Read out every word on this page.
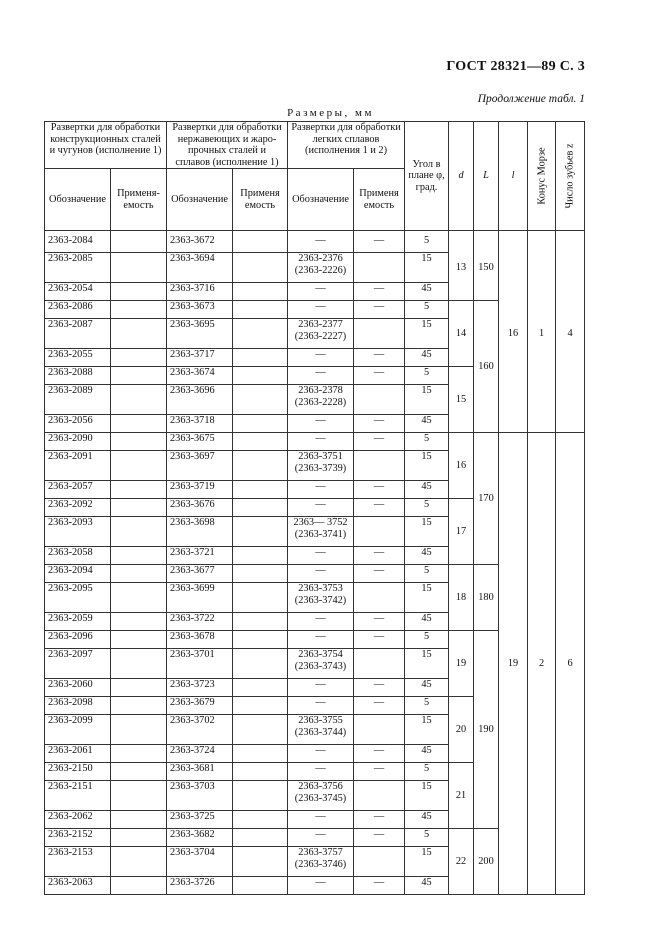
ГОСТ 28321—89 С. 3
Продолжение табл. 1
Размеры, мм
Развертки для обработки конструкционных сталей и чугунов (исполнение 1)		Развертки для обработки нержавеющих и жаро-прочных сталей и сплавов (исполнение 1)		Развертки для обработки легких сплавов (исполнения 1 и 2)		Угол в плане φ, град.	d	L	l	Конус Морзе	Число зубьев z

Обозначение	Применя-емость	Обозначение	Применя емость	Обозначение	Применя емость						
2363-2084		2363-3672		—	—	5	13	150	16	1	4
2363-2085		2363-3694		2363-2376
(2363-2226)		15					
2363-2054		2363-3716		—	—	45					
2363-2086		2363-3673		—	—	5	14	160			
2363-2087		2363-3695		2363-2377
(2363-2227)		15					
2363-2055		2363-3717		—	—	45					
2363-2088		2363-3674		—	—	5	15				
2363-2089		2363-3696		2363-2378
(2363-2228)		15					
2363-2056		2363-3718		—	—	45					
2363-2090		2363-3675		—	—	5	16	170	19	2	6
2363-2091		2363-3697		2363-3751
(2363-3739)		15					
2363-2057		2363-3719		—	—	45					
2363-2092		2363-3676		—	—	5	17				
2363-2093		2363-3698		2363— 3752
(2363-3741)		15					
2363-2058		2363-3721		—	—	45					
2363-2094		2363-3677		—	—	5	18	180			
2363-2095		2363-3699		2363-3753
(2363-3742)		15					
2363-2059		2363-3722		—	—	45					
2363-2096		2363-3678		—	—	5	19	190			
2363-2097		2363-3701		2363-3754
(2363-3743)		15					
2363-2060		2363-3723		—	—	45					
2363-2098		2363-3679		—	—	5	20				
2363-2099		2363-3702		2363-3755
(2363-3744)		15					
2363-2061		2363-3724		—	—	45					
2363-2150		2363-3681		—	—	5	21				
2363-2151		2363-3703		2363-3756
(2363-3745)		15					
2363-2062		2363-3725		—	—	45					
2363-2152		2363-3682		—	—	5	22	200			
2363-2153		2363-3704		2363-3757
(2363-3746)		15					
2363-2063		2363-3726		—	—	45					
